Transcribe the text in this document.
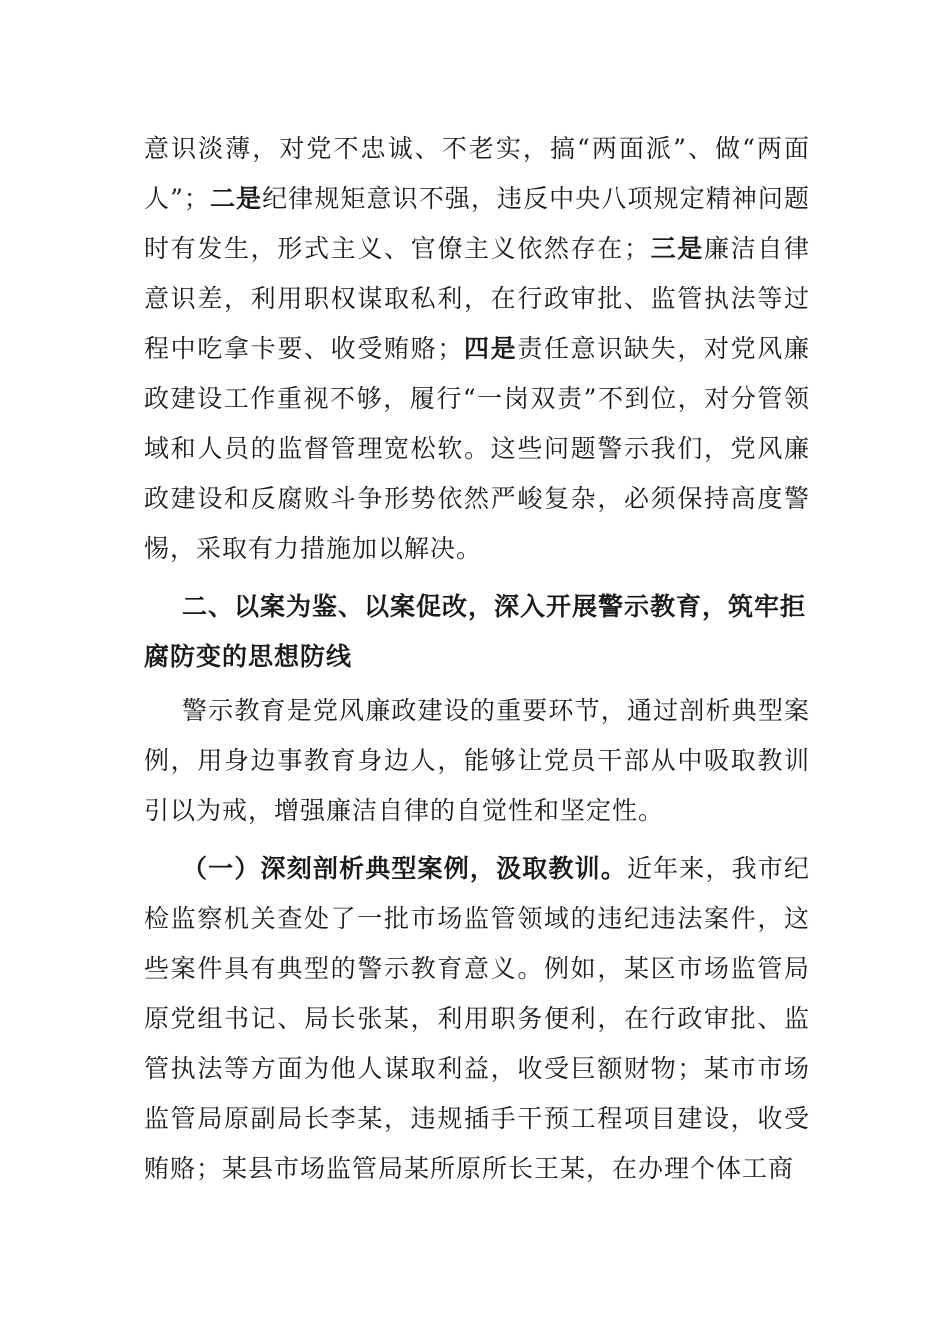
意识淡薄，对党不忠诚、不老实，搞“两面派”、做“两面人”；二是纪律规矩意识不强，违反中央八项规定精神问题时有发生，形式主义、官僚主义依然存在；三是廉洁自律意识差，利用职权谋取私利，在行政审批、监管执法等过程中吃拿卡要、收受贿赂；四是责任意识缺失，对党风廉政建设工作重视不够，履行“一岗双责”不到位，对分管领域和人员的监督管理宽松软。这些问题警示我们，党风廉政建设和反腐败斗争形势依然严峻复杂，必须保持高度警惕，采取有力措施加以解决。

二、以案为鉴、以案促改，深入开展警示教育，筑牢拒腐防变的思想防线

警示教育是党风廉政建设的重要环节，通过剖析典型案例，用身边事教育身边人，能够让党员干部从中吸取教训引以为戒，增强廉洁自律的自觉性和坚定性。

（一）深刻剖析典型案例，汲取教训。近年来，我市纪检监察机关查处了一批市场监管领域的违纪违法案件，这些案件具有典型的警示教育意义。例如，某区市场监管局原党组书记、局长张某，利用职务便利，在行政审批、监管执法等方面为他人谋取利益，收受巨额财物；某市市场监管局原副局长李某，违规插手干预工程项目建设，收受贿赂；某县市场监管局某所原所长王某，在办理个体工商
